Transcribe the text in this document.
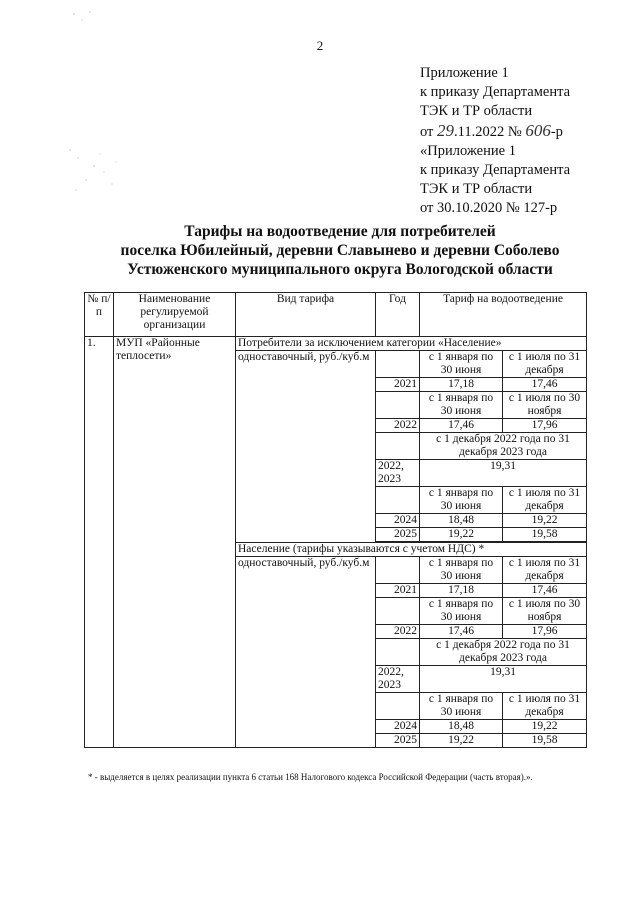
2
Приложение 1
к приказу Департамента
ТЭК и ТР области
от 29.11.2022 № 606-р
«Приложение 1
к приказу Департамента
ТЭК и ТР области
от 30.10.2020 № 127-р
Тарифы на водоотведение для потребителей
поселка Юбилейный, деревни Славынево и деревни Соболево
Устюженского муниципального округа Вологодской области
№ п/п	Наименование регулируемой организации	Вид тарифа	Год	Тариф на водоотведение	
1.	МУП «Районные теплосети»	Потребители за исключением категории «Население»			
		одноставочный, руб./куб.м		с 1 января по 30 июня	с 1 июля по 31 декабря
			2021	17,18	17,46
				с 1 января по 30 июня	с 1 июля по 30 ноября
			2022	17,46	17,96
				с 1 декабря 2022 года по 31 декабря 2023 года	
			2022, 2023	19,31	
				с 1 января по 30 июня	с 1 июля по 31 декабря
			2024	18,48	19,22
			2025	19,22	19,58

		Население (тарифы указываются с учетом НДС) *			
		одноставочный, руб./куб.м		с 1 января по 30 июня	с 1 июля по 31 декабря
			2021	17,18	17,46
				с 1 января по 30 июня	с 1 июля по 30 ноября
			2022	17,46	17,96
				с 1 декабря 2022 года по 31 декабря 2023 года	
			2022, 2023	19,31	
				с 1 января по 30 июня	с 1 июля по 31 декабря
			2024	18,48	19,22
			2025	19,22	19,58
* - выделяется в целях реализации пункта 6 статьи 168 Налогового кодекса Российской Федерации (часть вторая).».
